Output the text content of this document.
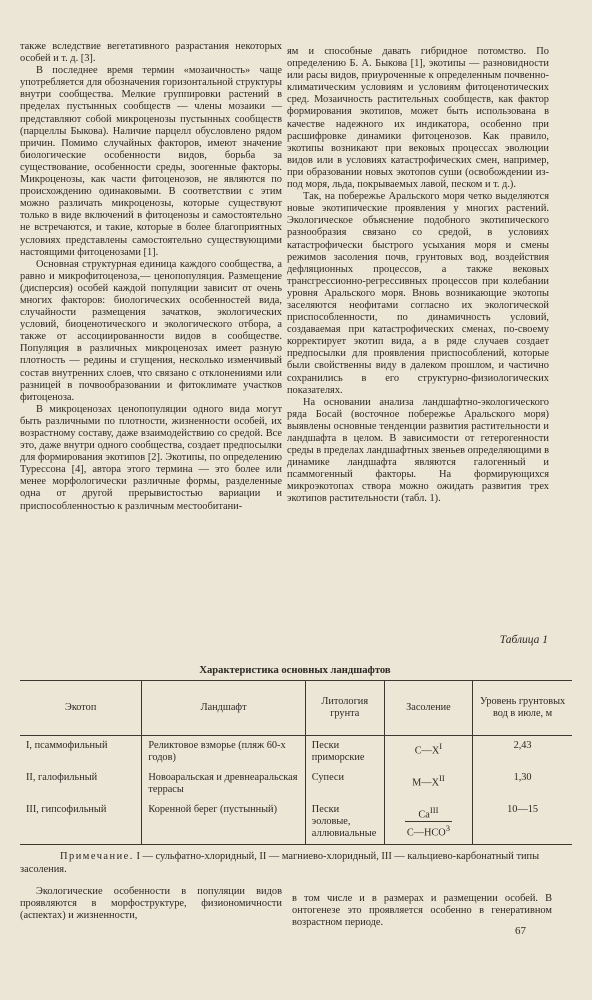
также вследствие вегетативного разрастания некоторых особей и т. д. [3].

В последнее время термин «мозаичность» чаще употребляется для обозначения горизонтальной структуры внутри сообщества. Мелкие группировки растений в пределах пустынных сообществ — члены мозаики — представляют собой микроценозы пустынных сообществ (парцеллы Быкова). Наличие парцелл обусловлено рядом причин. Помимо случайных факторов, имеют значение биологические особенности видов, борьба за существование, особенности среды, зоогенные факторы. Микроценозы, как части фитоценозов, не являются по происхождению одинаковыми. В соответствии с этим можно различать микроценозы, которые существуют только в виде включений в фитоценозы и самостоятельно не встречаются, и такие, которые в более благоприятных условиях представлены самостоятельно существующими настоящими фитоценозами [1].

Основная структурная единица каждого сообщества, а равно и микрофитоценоза,— ценопопуляция. Размещение (дисперсия) особей каждой популяции зависит от очень многих факторов: биологических особенностей вида, случайности размещения зачатков, экологических условий, биоценотического и экологического отбора, а также от ассоциированности видов в сообществе. Популяция в различных микроценозах имеет разную плотность — редины и сгущения, несколько изменчивый состав внутренних слоев, что связано с отклонениями или разницей в почвообразовании и фитоклимате участков фитоценоза.

В микроценозах ценопопуляции одного вида могут быть различными по плотности, жизненности особей, их возрастному составу, даже взаимодействию со средой. Все это, даже внутри одного сообщества, создает предпосылки для формирования экотипов [2]. Экотипы, по определению Турессона [4], автора этого термина — это более или менее морфологически различные формы, разделенные одна от другой прерывистостью вариации и приспособленностью к различным местообитани-

ям и способные давать гибридное потомство. По определению Б. А. Быкова [1], экотипы — разновидности или расы видов, приуроченные к определенным почвенно-климатическим условиям и условиям фитоценотических сред. Мозаичность растительных сообществ, как фактор формирования экотипов, может быть использована в качестве надежного их индикатора, особенно при расшифровке динамики фитоценозов. Как правило, экотипы возникают при вековых процессах эволюции видов или в условиях катастрофических смен, например, при образовании новых экотопов суши (освобождении из-под моря, льда, покрываемых лавой, песком и т. д.).

Так, на побережье Аральского моря четко выделяются новые экотипические проявления у многих растений. Экологическое объяснение подобного экотипического разнообразия связано со средой, в условиях катастрофически быстрого усыхания моря и смены режимов засоления почв, грунтовых вод, воздействия дефляционных процессов, а также вековых трансгрессионно-регрессивных процессов при колебании уровня Аральского моря. Вновь возникающие экотопы заселяются неофитами согласно их экологической приспособленности, по динамичность условий, создаваемая при катастрофических сменах, по-своему корректирует экотип вида, а в ряде случаев создает предпосылки для проявления приспособлений, которые были свойственны виду в далеком прошлом, и частично сохранились в его структурно-физиологических показателях.

На основании анализа ландшафтно-экологического ряда Босай (восточное побережье Аральского моря) выявлены основные тенденции развития растительности и ландшафта в целом. В зависимости от гетерогенности среды в пределах ландшафтных звеньев определяющими в динамике ландшафта являются галогенный и псаммогенный факторы. На формирующихся микроэкотопах створа можно ожидать развития трех экотипов растительности (табл. 1).

Таблица 1
Характеристика основных ландшафтов
Экотоп	Ландшафт	Литология грунта	Засоление	Уровень грунтовых вод в июле, м
I, псаммофильный	Реликтовое взморье (пляж 60-х годов)	Пески приморские	$С—X^I$	2,43
II, галофильный	Новоаральская и древнеаральская террасы	Супеси	$М—X^{II}$	1,30
III, гипсофильный	Коренной берег (пустынный)	Пески эоловые, аллювиальные	$\frac{Ca^{III}}{C—HCO^3}$	10—15
Примечание. I — сульфатно-хлоридный, II — магниево-хлоридный, III — кальциево-карбонатный типы засоления.

Экологические особенности в популяции видов проявляются в морфоструктуре, физиономичности (аспектах) и жизненности,

в том числе и в размерах и размещении особей. В онтогенезе это проявляется особенно в генеративном возрастном периоде.

67
